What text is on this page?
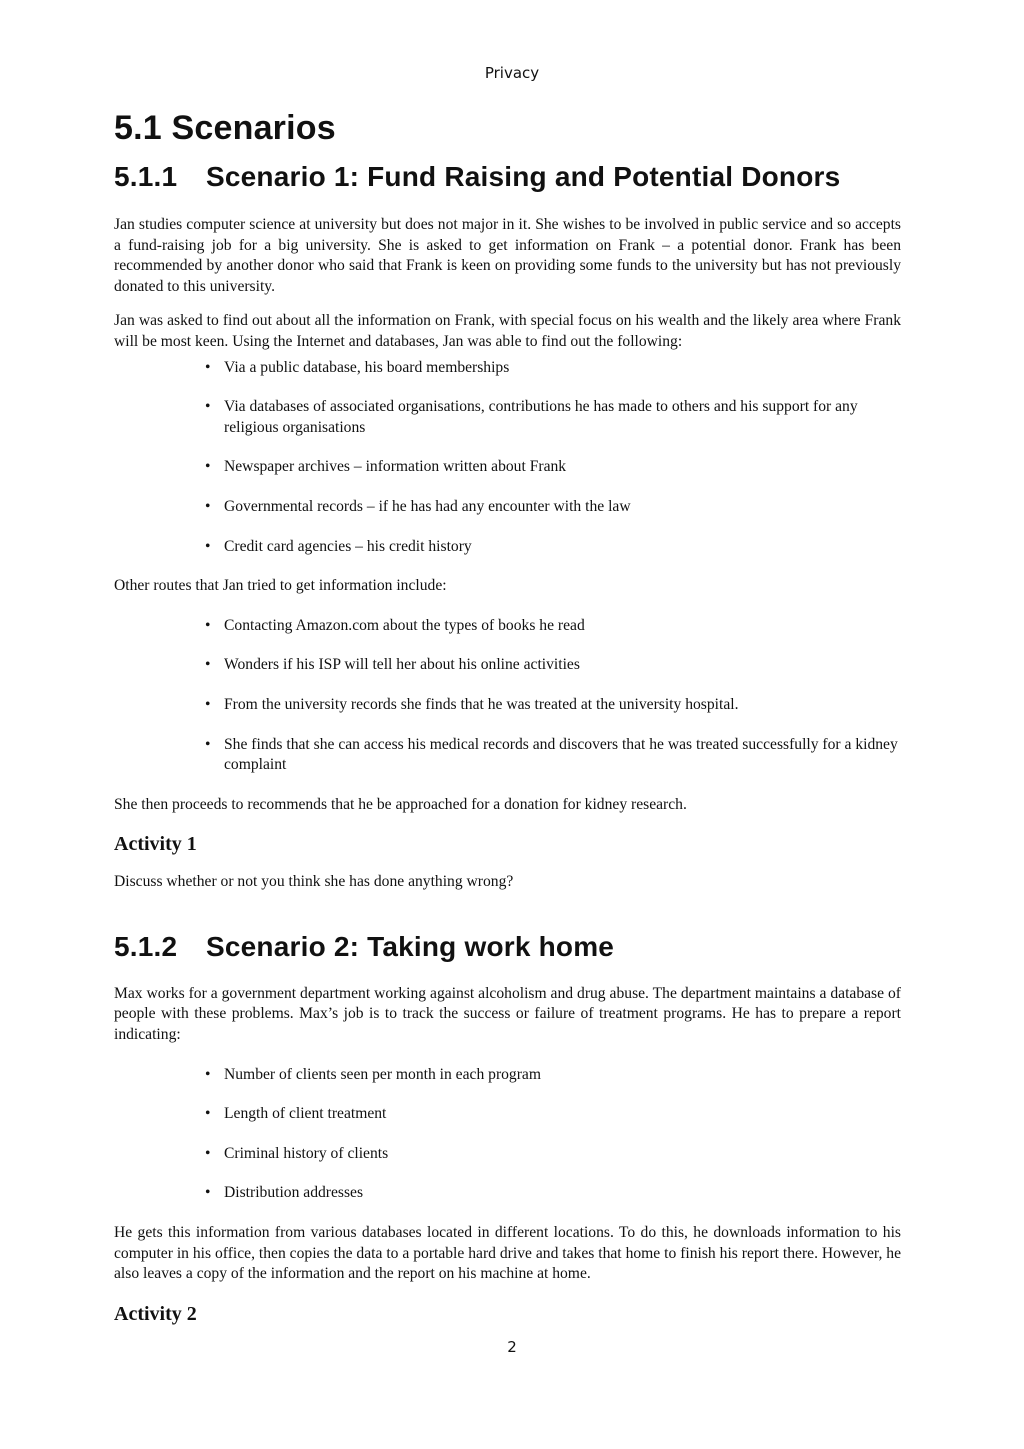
Privacy
5.1 Scenarios
5.1.1	Scenario 1: Fund Raising and Potential Donors

Jan studies computer science at university but does not major in it. She wishes to be involved in public service and so accepts a fund-raising job for a big university. She is asked to get information on Frank – a potential donor. Frank has been recommended by another donor who said that Frank is keen on providing some funds to the university but has not previously donated to this university.

Jan was asked to find out about all the information on Frank, with special focus on his wealth and the likely area where Frank will be most keen. Using the Internet and databases, Jan was able to find out the following:

• Via a public database, his board memberships
• Via databases of associated organisations, contributions he has made to others and his support for any religious organisations
• Newspaper archives – information written about Frank
• Governmental records – if he has had any encounter with the law
• Credit card agencies – his credit history

Other routes that Jan tried to get information include:

• Contacting Amazon.com about the types of books he read
• Wonders if his ISP will tell her about his online activities
• From the university records she finds that he was treated at the university hospital.
• She finds that she can access his medical records and discovers that he was treated successfully for a kidney complaint

She then proceeds to recommends that he be approached for a donation for kidney research.

Activity 1

Discuss whether or not you think she has done anything wrong?

5.1.2	Scenario 2: Taking work home

Max works for a government department working against alcoholism and drug abuse. The department maintains a database of people with these problems. Max’s job is to track the success or failure of treatment programs. He has to prepare a report indicating:

• Number of clients seen per month in each program
• Length of client treatment
• Criminal history of clients
• Distribution addresses

He gets this information from various databases located in different locations. To do this, he downloads information to his computer in his office, then copies the data to a portable hard drive and takes that home to finish his report there. However, he also leaves a copy of the information and the report on his machine at home.

Activity 2
2
